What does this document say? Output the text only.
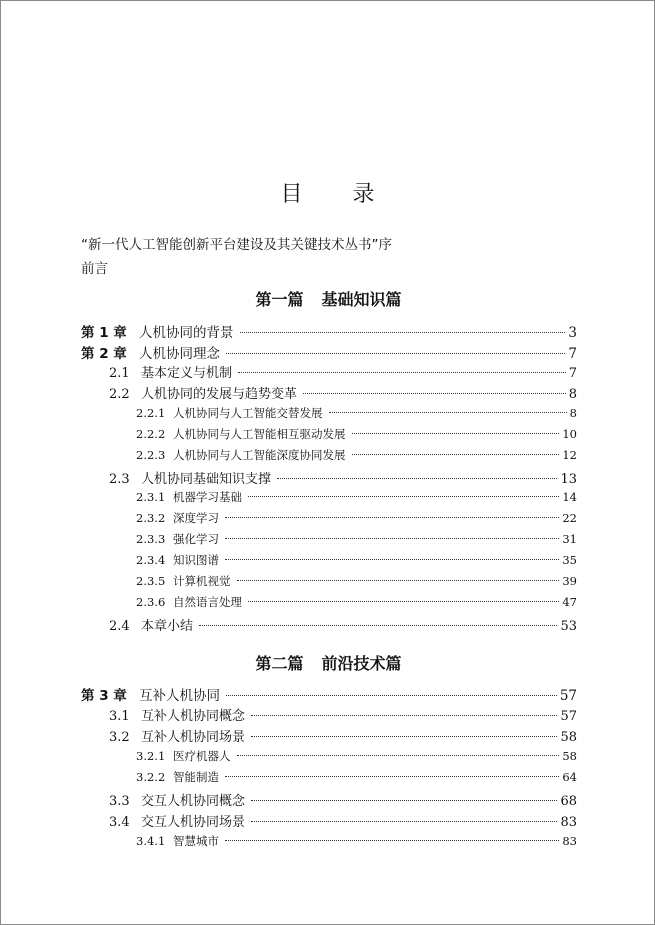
目 录
“新一代人工智能创新平台建设及其关键技术丛书”序
前言
第一篇 基础知识篇
第二篇 前沿技术篇
第 1 章 人机协同的背景	3
第 2 章 人机协同理念	7
2.1 基本定义与机制	7
2.2 人机协同的发展与趋势变革	8
2.2.1 人机协同与人工智能交替发展	8
2.2.2 人机协同与人工智能相互驱动发展	10
2.2.3 人机协同与人工智能深度协同发展	12
2.3 人机协同基础知识支撑	13
2.3.1 机器学习基础	14
2.3.2 深度学习	22
2.3.3 强化学习	31
2.3.4 知识图谱	35
2.3.5 计算机视觉	39
2.3.6 自然语言处理	47
2.4 本章小结	53
第 3 章 互补人机协同	57
3.1 互补人机协同概念	57
3.2 互补人机协同场景	58
3.2.1 医疗机器人	58
3.2.2 智能制造	64
3.3 交互人机协同概念	68
3.4 交互人机协同场景	83
3.4.1 智慧城市	83
